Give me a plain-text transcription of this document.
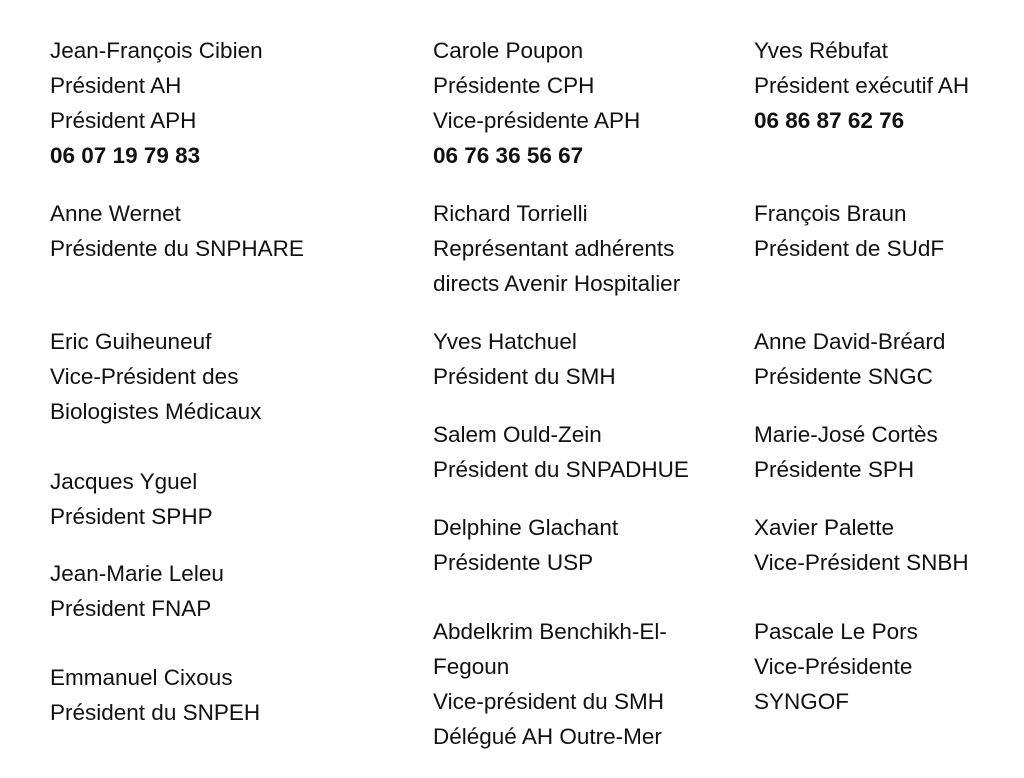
Jean-François Cibien
Président AH
Président APH
06 07 19 79 83
Anne Wernet
Présidente du SNPHARE
Eric Guiheuneuf
Vice-Président des
Biologistes Médicaux
Jacques Yguel
Président SPHP
Jean-Marie Leleu
Président FNAP
Emmanuel Cixous
Président du SNPEH
Carole Poupon
Présidente CPH
Vice-présidente APH
06 76 36 56 67
Richard Torrielli
Représentant adhérents
directs Avenir Hospitalier
Yves Hatchuel
Président du SMH
Salem Ould-Zein
Président du SNPADHUE
Delphine Glachant
Présidente USP
Abdelkrim Benchikh-El-
Fegoun
Vice-président du SMH
Délégué AH Outre-Mer
Yves Rébufat
Président exécutif AH
06 86 87 62 76
François Braun
Président de SUdF
Anne David-Bréard
Présidente SNGC
Marie-José Cortès
Présidente SPH
Xavier Palette
Vice-Président SNBH
Pascale Le Pors
Vice-Présidente
SYNGOF
